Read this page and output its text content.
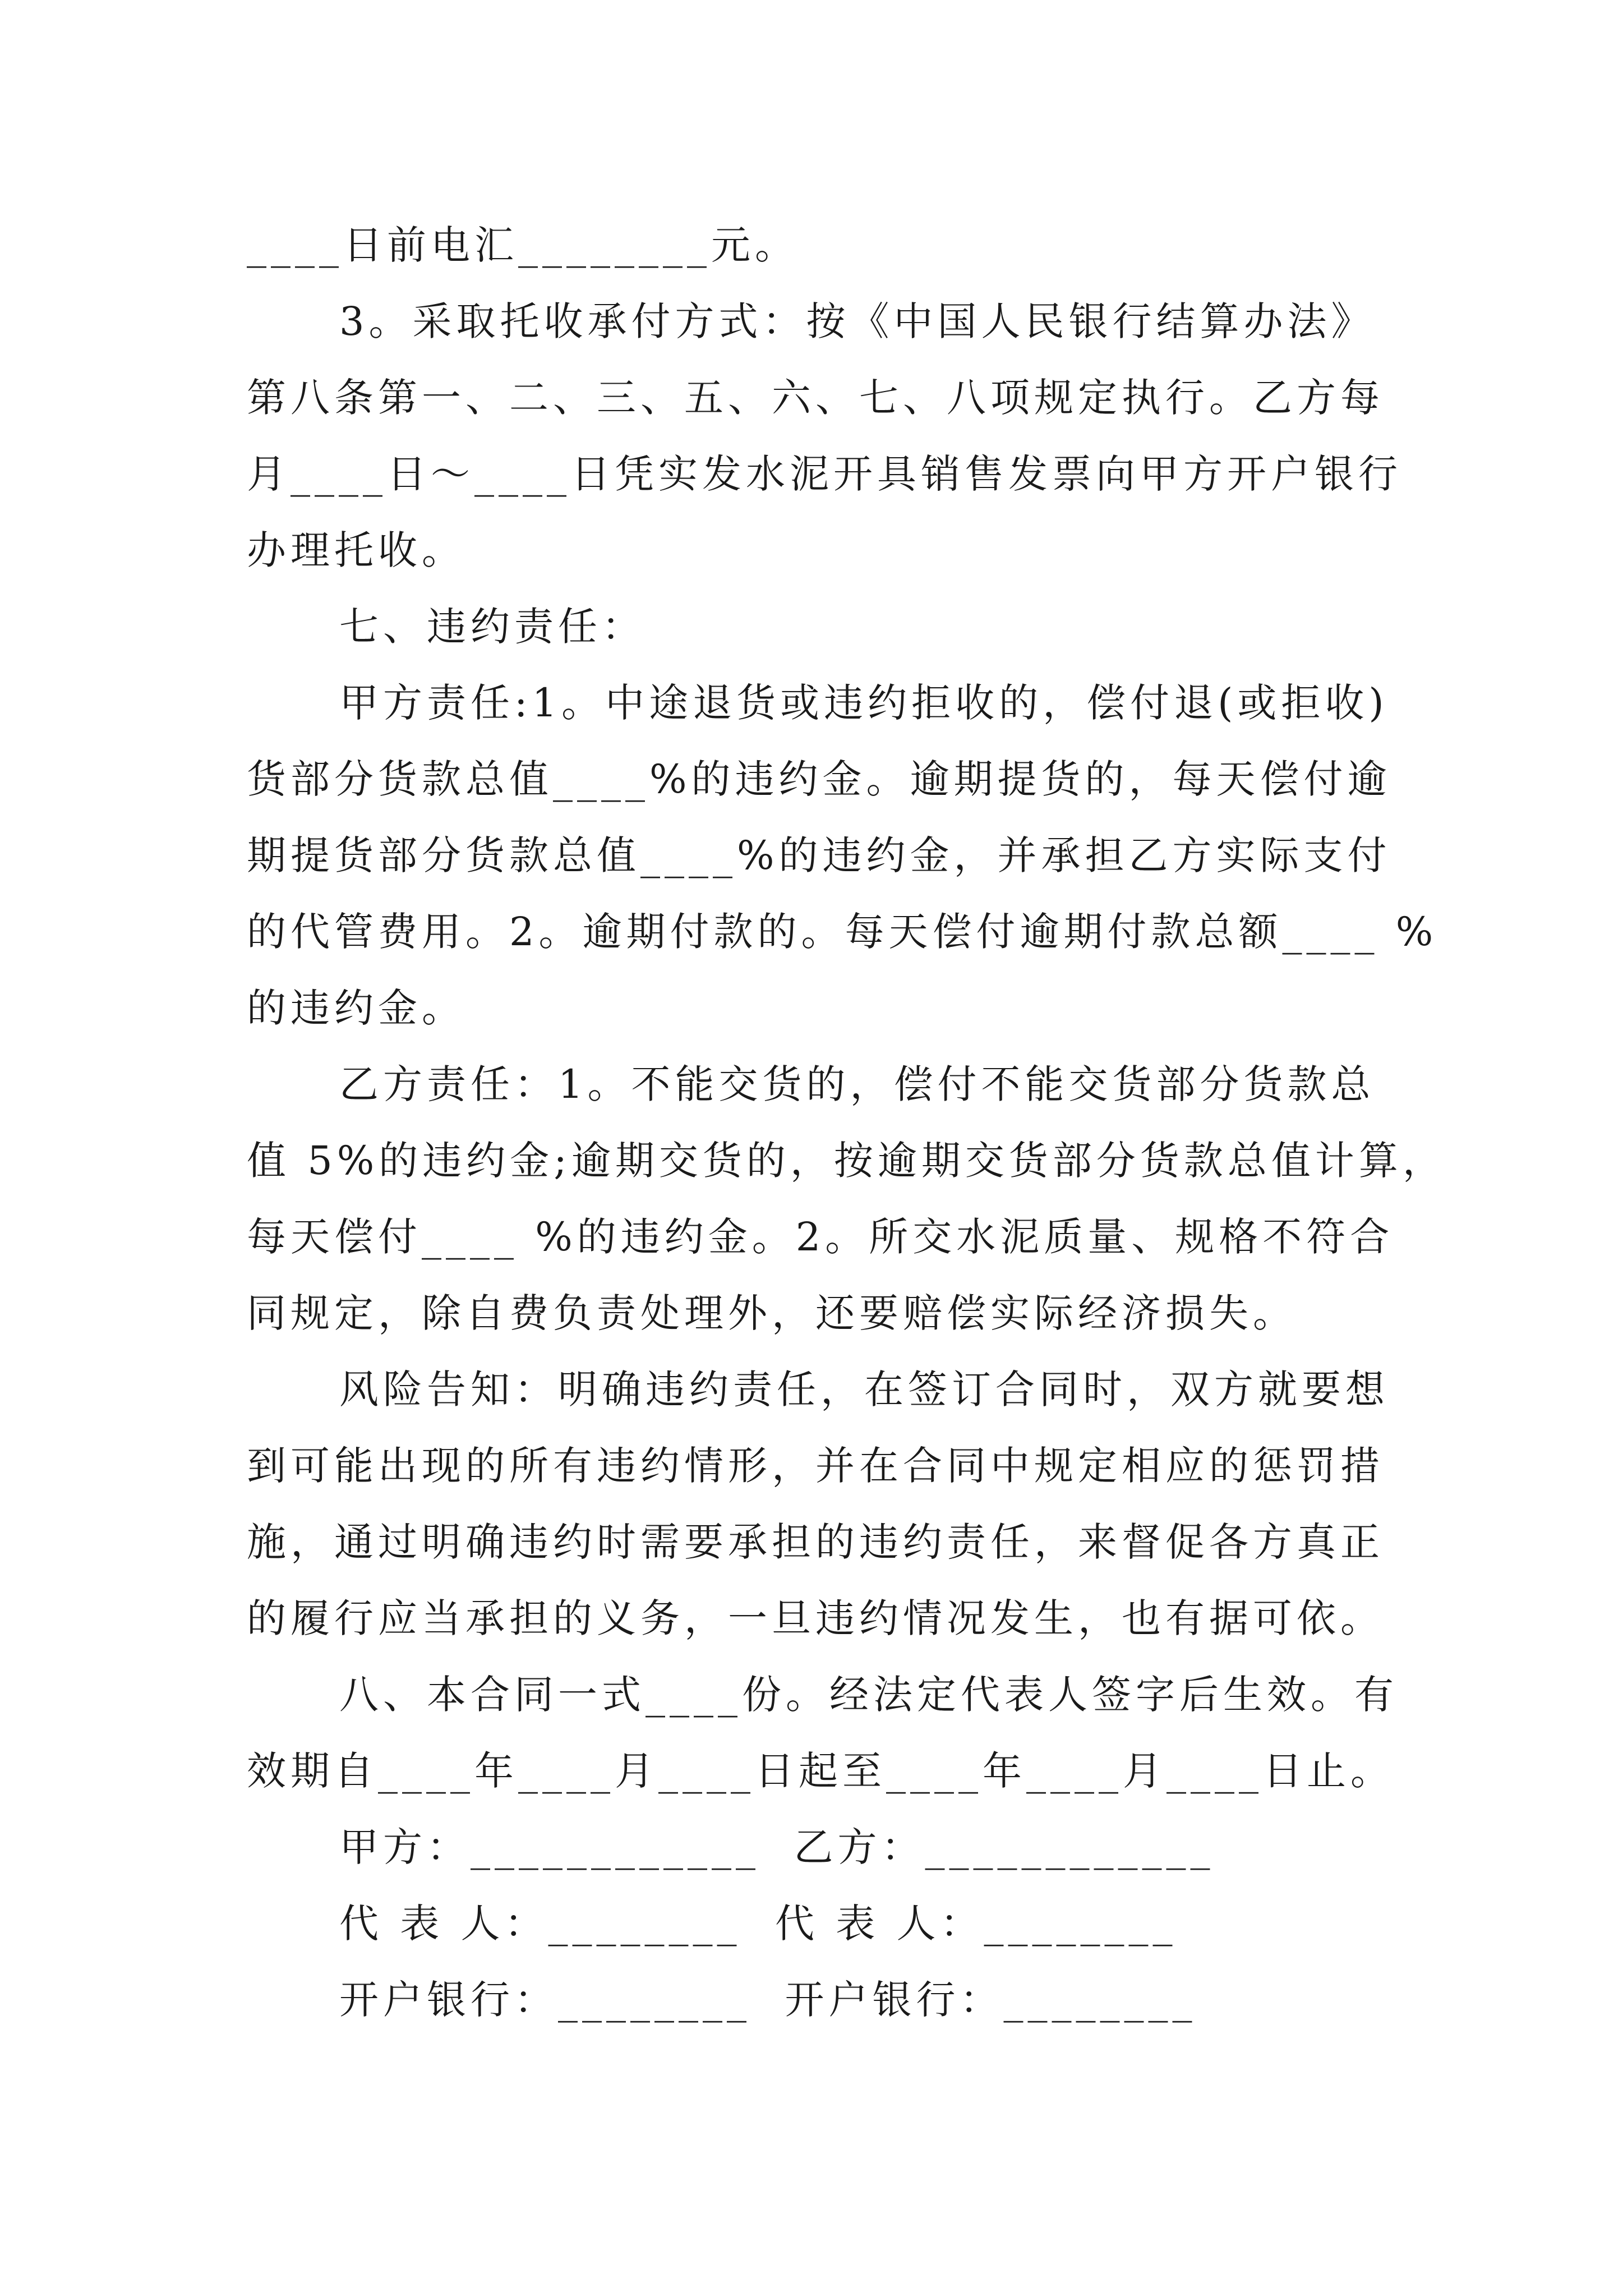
____日前电汇________元。
3。采取托收承付方式：按《中国人民银行结算办法》
第八条第一、二、三、五、六、七、八项规定执行。乙方每
月____日～____日凭实发水泥开具销售发票向甲方开户银行
办理托收。
七、违约责任：
甲方责任:1。中途退货或违约拒收的，偿付退(或拒收)
货部分货款总值____%的违约金。逾期提货的，每天偿付逾
期提货部分货款总值____%的违约金，并承担乙方实际支付
的代管费用。2。逾期付款的。每天偿付逾期付款总额____ %
的违约金。
乙方责任：1。不能交货的，偿付不能交货部分货款总
值 5%的违约金;逾期交货的，按逾期交货部分货款总值计算，
每天偿付____ %的违约金。2。所交水泥质量、规格不符合
同规定，除自费负责处理外，还要赔偿实际经济损失。
风险告知：明确违约责任，在签订合同时，双方就要想
到可能出现的所有违约情形，并在合同中规定相应的惩罚措
施，通过明确违约时需要承担的违约责任，来督促各方真正
的履行应当承担的义务，一旦违约情况发生，也有据可依。
八、本合同一式____份。经法定代表人签字后生效。有
效期自____年____月____日起至____年____月____日止。
甲方：____________  乙方：____________
代 表 人：________  代 表 人：________
开户银行：________  开户银行：________
